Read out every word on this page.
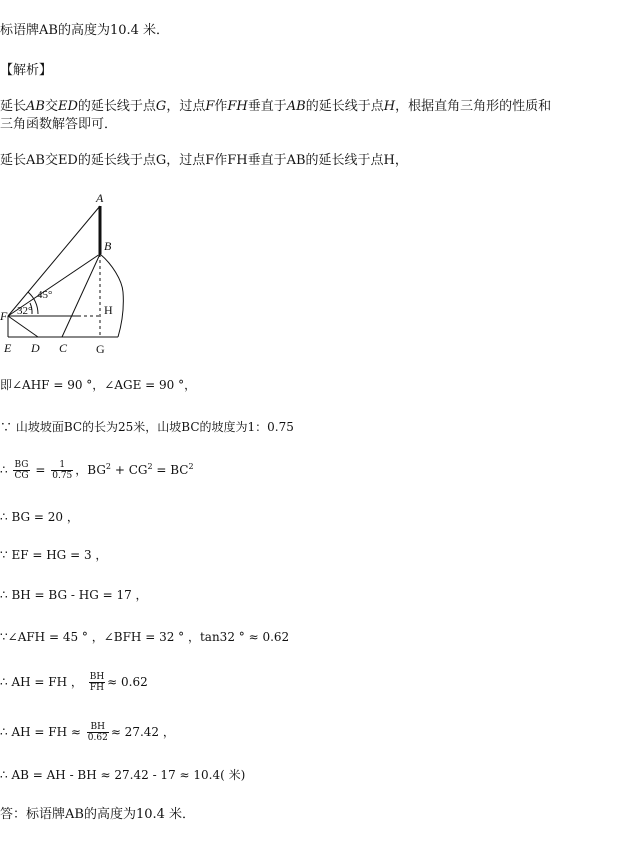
标语牌AB的高度为10.4 米．
【解析】
延长AB交ED的延长线于点G，过点F作FH垂直于AB的延长线于点H，根据直角三角形的性质和
三角函数解答即可．
延长AB交ED的延长线于点G，过点F作FH垂直于AB的延长线于点H，
A
B
H
F
E D C G
45°
32°
即∠AHF = 90 °，∠AGE = 90 °，
∵ 山坡坡面BC的长为25米，山坡BC的坡度为1：0.75
∴ $\frac{BG}{CG} = \frac{1}{0.75}$ ，$BG^2 + CG^2 = BC^2$
∴ BG = 20 ，
∵ EF = HG = 3 ，
∴ BH = BG - HG = 17 ，
∵∠AFH = 45 ° ，∠BFH = 32 ° ，tan32 ° ≈ 0.62
∴ AH = FH ， $\frac{BH}{FH} \approx 0.62$
∴ AH = FH ≈ $\frac{BH}{0.62} \approx 27.42$ ，
∴ AB = AH - BH ≈ 27.42 - 17 ≈ 10.4( 米)
答：标语牌AB的高度为10.4 米．
